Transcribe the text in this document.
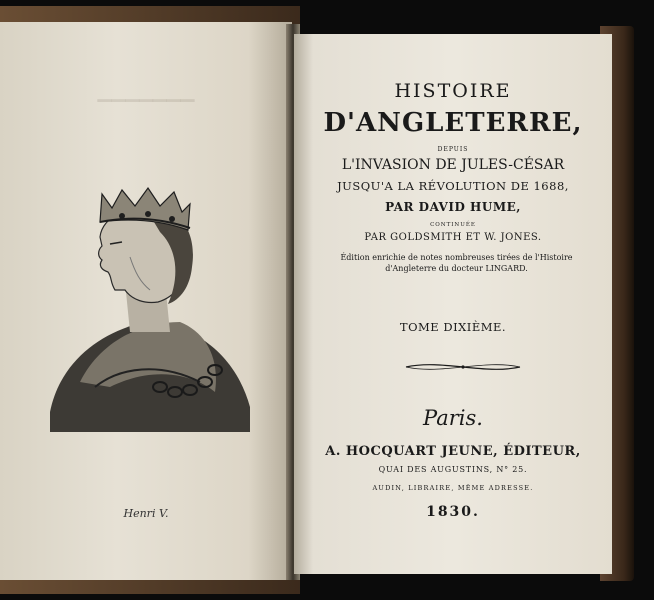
▔▔▔▔▔▔▔
Henri V.
HISTOIRE
D'ANGLETERRE,
DEPUIS
L'INVASION DE JULES-CÉSAR
JUSQU'A LA RÉVOLUTION DE 1688,
PAR DAVID HUME,
CONTINUÉE
PAR GOLDSMITH ET W. JONES.
Édition enrichie de notes nombreuses tirées de l'Histoire d'Angleterre du docteur LINGARD.
TOME DIXIÈME.
Paris.
A. HOCQUART JEUNE, ÉDITEUR,
QUAI DES AUGUSTINS, N° 25.
AUDIN, LIBRAIRE, MÊME ADRESSE.
1830.
